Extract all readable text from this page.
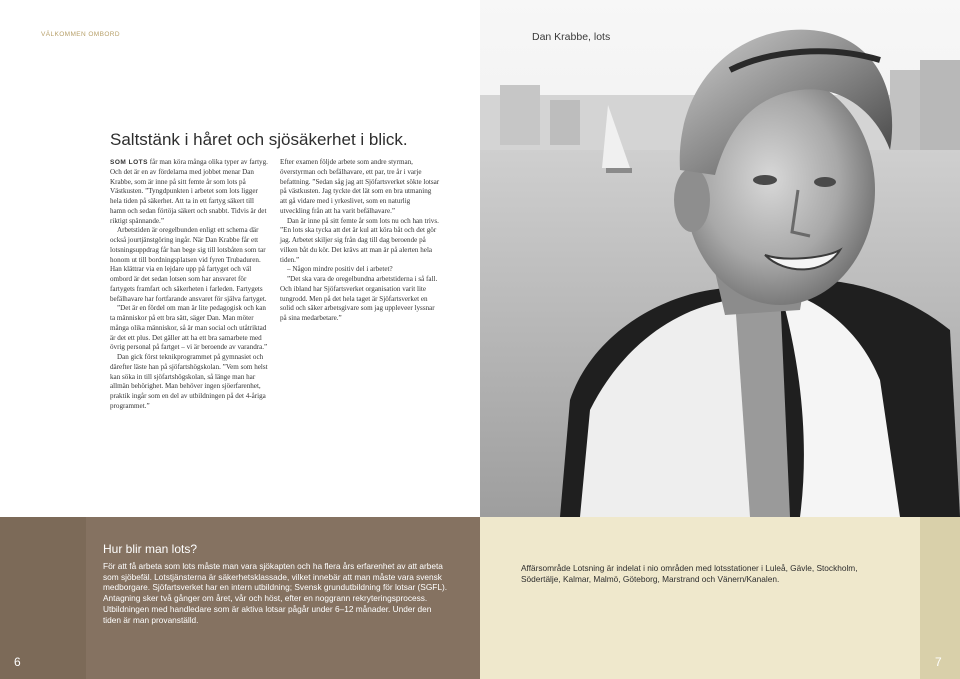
VÄLKOMMEN OMBORD
Saltstänk i håret och sjösäkerhet i blick.

SOM LOTS får man köra många olika typer av fartyg. Och det är en av fördelarna med jobbet menar Dan Krabbe, som är inne på sitt femte år som lots på Västkusten. ”Tyngdpunkten i arbetet som lots ligger hela tiden på säkerhet. Att ta in ett fartyg säkert till hamn och sedan förtöja säkert och snabbt. Tidvis är det riktigt spännande.”

Arbetstiden är oregelbunden enligt ett schema där också jourtjänstgöring ingår. När Dan Krabbe får ett lotsningsuppdrag får han bege sig till lotsbåten som tar honom ut till bordningsplatsen vid fyren Trubaduren. Han klättrar via en lejdare upp på fartyget och väl ombord är det sedan lotsen som har ansvaret för fartygets framfart och säkerheten i farleden. Fartygets befälhavare har fortfarande ansvaret för själva fartyget.

”Det är en fördel om man är lite pedagogisk och kan ta människor på ett bra sätt, säger Dan. Man möter många olika människor, så är man social och utåtriktad är det ett plus. Det gäller att ha ett bra samarbete med övrig personal på fartget – vi är beroende av varandra.”

Dan gick först teknikprogrammet på gymnasiet och därefter läste han på sjöfartshögskolan. ”Vem som helst kan söka in till sjöfartshögskolan, så länge man har allmän behörighet. Man behöver ingen sjöerfarenhet, praktik ingår som en del av utbildningen på det 4-åriga programmet.”

Efter examen följde arbete som andre styrman, överstyrman och befälhavare, ett par, tre år i varje befattning. ”Sedan såg jag att Sjöfartsverket sökte lotsar på västkusten. Jag tyckte det lät som en bra utmaning att gå vidare med i yrkeslivet, som en naturlig utveckling från att ha varit befälhavare.”

Dan är inne på sitt femte år som lots nu och han trivs. ”En lots ska tycka att det är kul att köra båt och det gör jag. Arbetet skiljer sig från dag till dag beroende på vilken båt du kör. Det krävs att man är på alerten hela tiden.”

– Någon mindre positiv del i arbetet?

”Det ska vara de oregelbundna arbetstiderna i så fall. Och ibland har Sjöfartsverket organisation varit lite tungrodd. Men på det hela taget är Sjöfartsverket en solid och säker arbetsgivare som jag uppleveer lyssnar på sina medarbetare.”

Dan Krabbe, lots
Hur blir man lots?

För att få arbeta som lots måste man vara sjökapten och ha flera års erfarenhet av att arbeta som sjöbefäl. Lotstjänsterna är säkerhetsklassade, vilket innebär att man måste vara svensk medborgare. Sjöfartsverket har en intern utbildning; Svensk grundutbildning för lotsar (SGFL). Antagning sker två gånger om året, vår och höst, efter en noggrann rekryteringsprocess. Utbildningen med handledare som är aktiva lotsar pågår under 6–12 månader. Under den tiden är man provanställd.

Affärsområde Lotsning är indelat i nio områden med lotsstationer i Luleå, Gävle, Stockholm, Södertälje, Kalmar, Malmö, Göteborg, Marstrand och Vänern/Kanalen.

6	7
